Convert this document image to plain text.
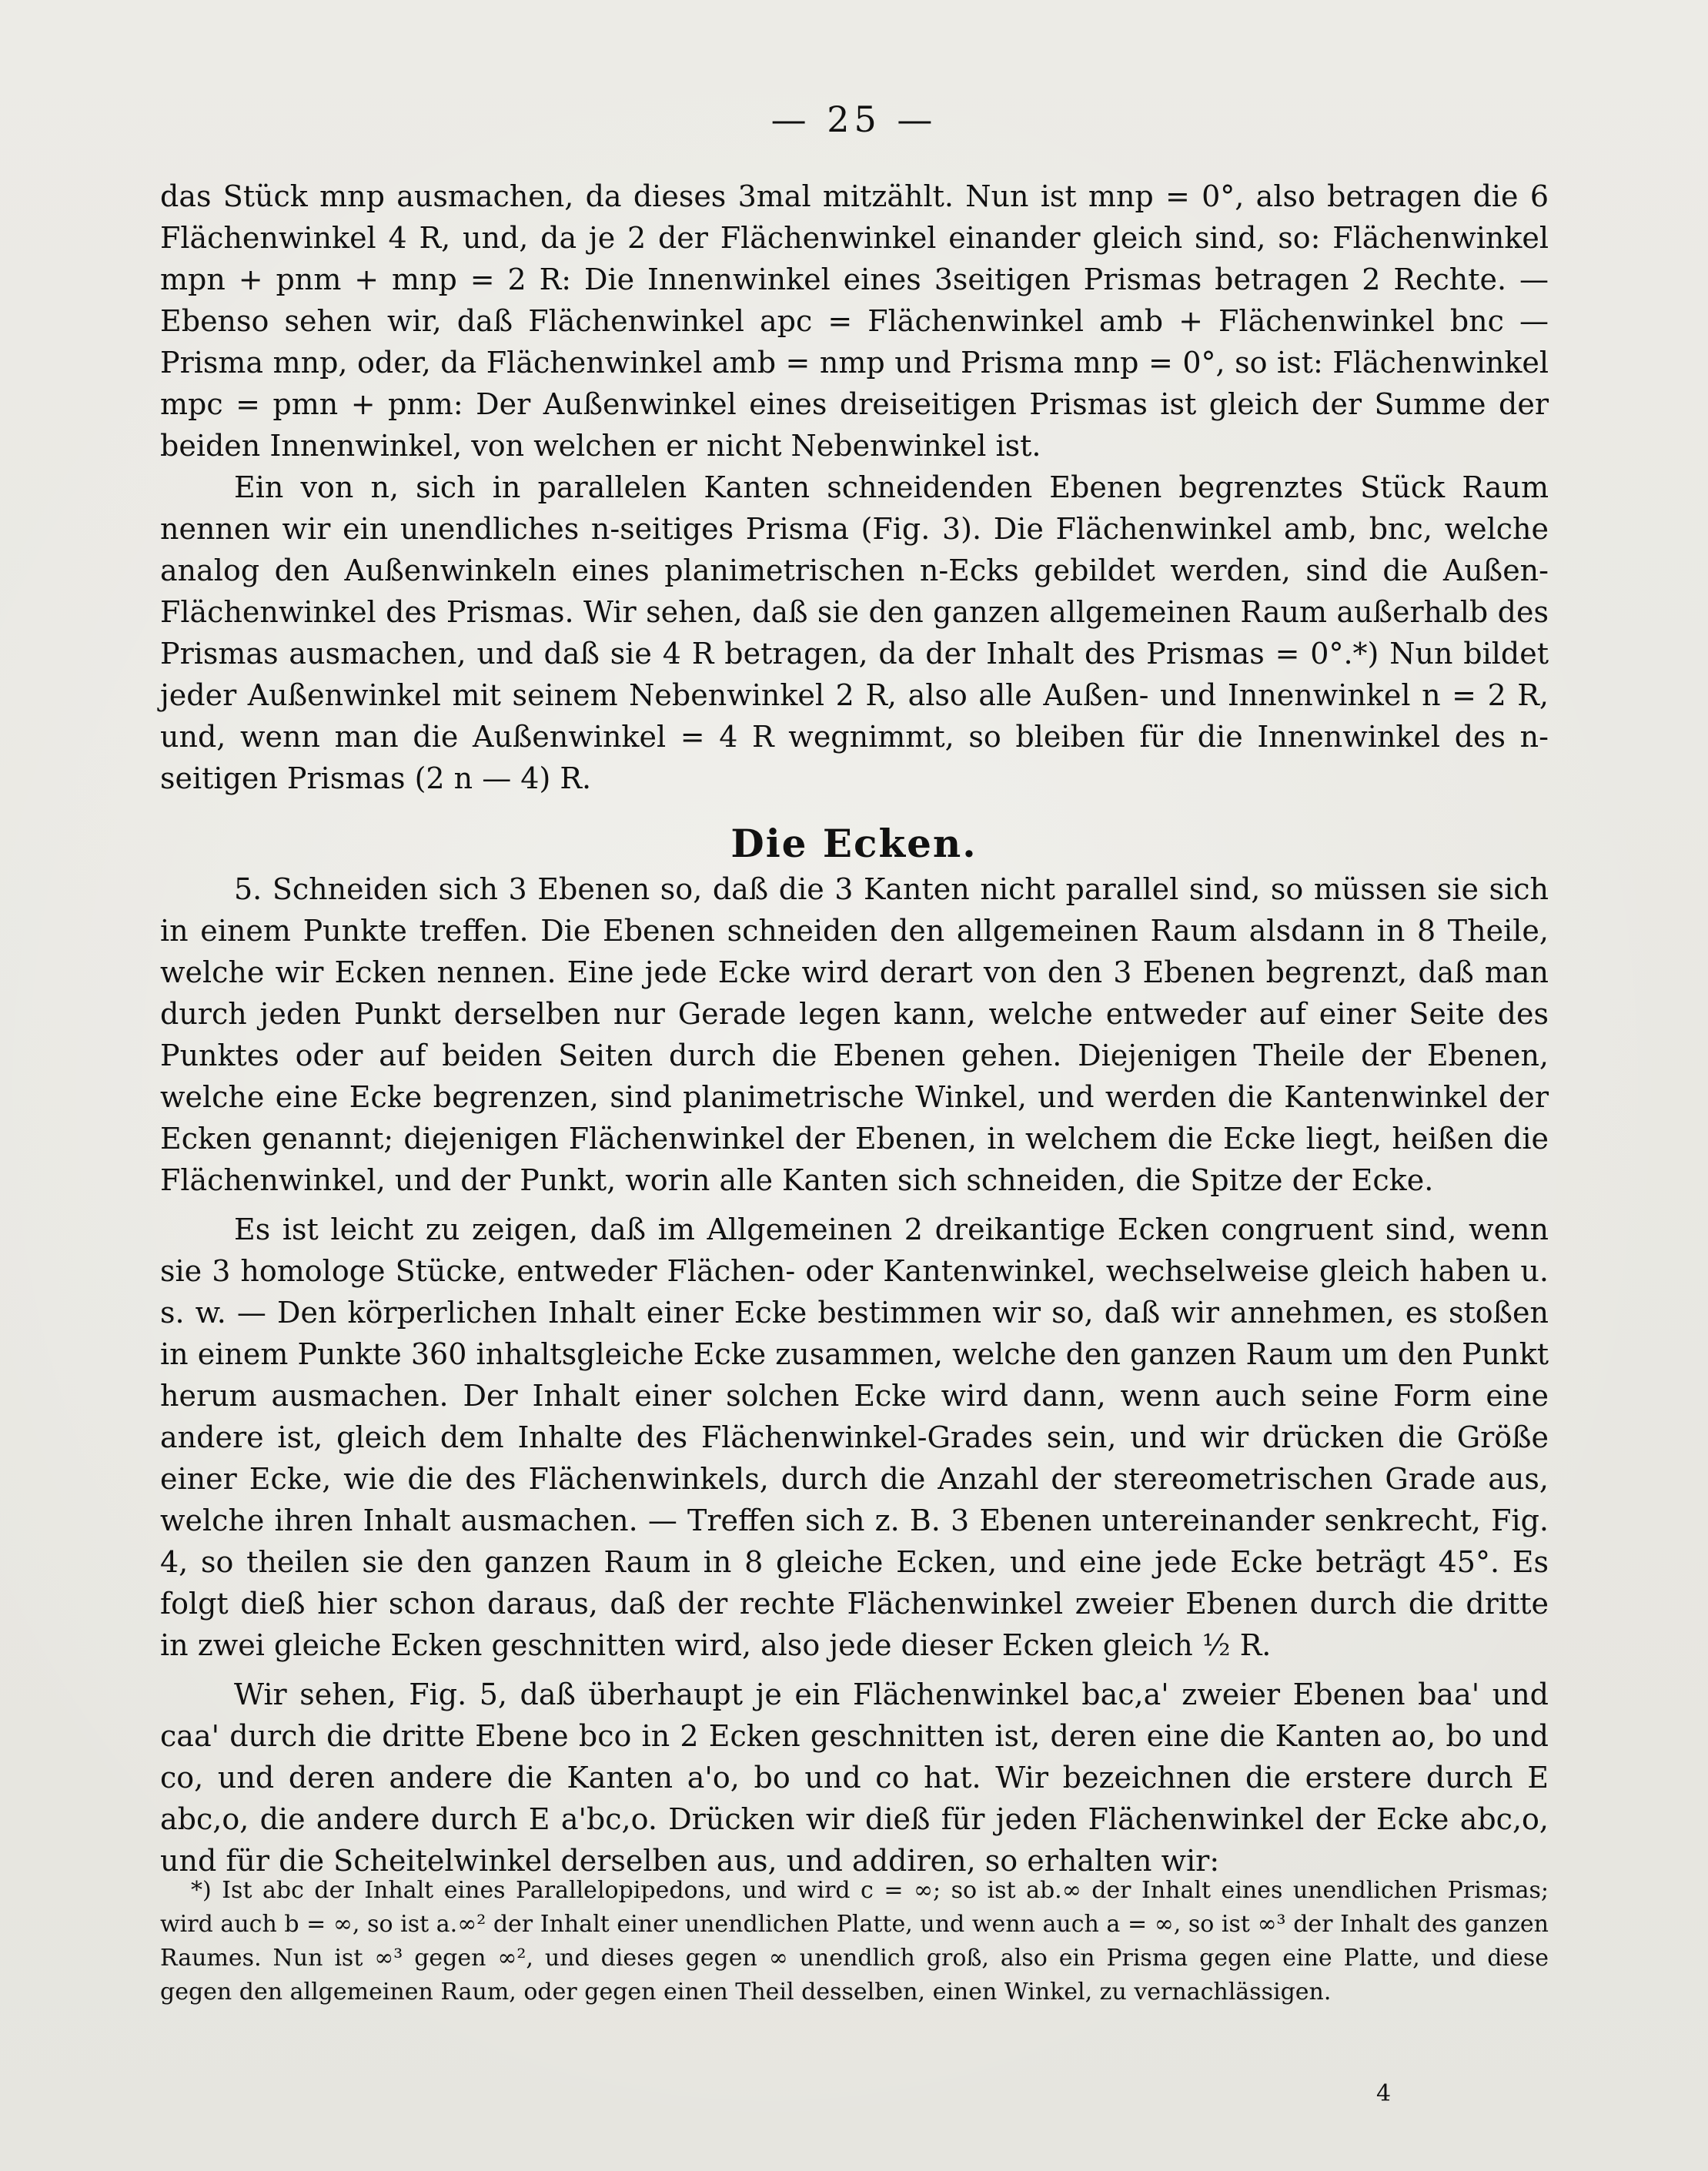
— 25 —

das Stück mnp ausmachen, da dieses 3mal mitzählt. Nun ist mnp = 0°, also betragen die 6 Flächenwinkel 4 R, und, da je 2 der Flächenwinkel einander gleich sind, so: Flächenwinkel mpn + pnm + mnp = 2 R: Die Innenwinkel eines 3seitigen Prismas betragen 2 Rechte. — Ebenso sehen wir, daß Flächenwinkel apc = Flächenwinkel amb + Flächenwinkel bnc — Prisma mnp, oder, da Flächenwinkel amb = nmp und Prisma mnp = 0°, so ist: Flächenwinkel mpc = pmn + pnm: Der Außenwinkel eines dreiseitigen Prismas ist gleich der Summe der beiden Innenwinkel, von welchen er nicht Nebenwinkel ist.

Ein von n, sich in parallelen Kanten schneidenden Ebenen begrenztes Stück Raum nennen wir ein unendliches n-seitiges Prisma (Fig. 3). Die Flächenwinkel amb, bnc, welche analog den Außenwinkeln eines planimetrischen n-Ecks gebildet werden, sind die Außen-Flächenwinkel des Prismas. Wir sehen, daß sie den ganzen allgemeinen Raum außerhalb des Prismas ausmachen, und daß sie 4 R betragen, da der Inhalt des Prismas = 0°.*) Nun bildet jeder Außenwinkel mit seinem Nebenwinkel 2 R, also alle Außen- und Innenwinkel n = 2 R, und, wenn man die Außenwinkel = 4 R wegnimmt, so bleiben für die Innenwinkel des n-seitigen Prismas (2 n — 4) R.

Die Ecken.

5. Schneiden sich 3 Ebenen so, daß die 3 Kanten nicht parallel sind, so müssen sie sich in einem Punkte treffen. Die Ebenen schneiden den allgemeinen Raum alsdann in 8 Theile, welche wir Ecken nennen. Eine jede Ecke wird derart von den 3 Ebenen begrenzt, daß man durch jeden Punkt derselben nur Gerade legen kann, welche entweder auf einer Seite des Punktes oder auf beiden Seiten durch die Ebenen gehen. Diejenigen Theile der Ebenen, welche eine Ecke begrenzen, sind planimetrische Winkel, und werden die Kantenwinkel der Ecken genannt; diejenigen Flächenwinkel der Ebenen, in welchem die Ecke liegt, heißen die Flächenwinkel, und der Punkt, worin alle Kanten sich schneiden, die Spitze der Ecke.

Es ist leicht zu zeigen, daß im Allgemeinen 2 dreikantige Ecken congruent sind, wenn sie 3 homologe Stücke, entweder Flächen- oder Kantenwinkel, wechselweise gleich haben u. s. w. — Den körperlichen Inhalt einer Ecke bestimmen wir so, daß wir annehmen, es stoßen in einem Punkte 360 inhaltsgleiche Ecke zusammen, welche den ganzen Raum um den Punkt herum ausmachen. Der Inhalt einer solchen Ecke wird dann, wenn auch seine Form eine andere ist, gleich dem Inhalte des Flächenwinkel-Grades sein, und wir drücken die Größe einer Ecke, wie die des Flächenwinkels, durch die Anzahl der stereometrischen Grade aus, welche ihren Inhalt ausmachen. — Treffen sich z. B. 3 Ebenen untereinander senkrecht, Fig. 4, so theilen sie den ganzen Raum in 8 gleiche Ecken, und eine jede Ecke beträgt 45°. Es folgt dieß hier schon daraus, daß der rechte Flächenwinkel zweier Ebenen durch die dritte in zwei gleiche Ecken geschnitten wird, also jede dieser Ecken gleich ½ R.

Wir sehen, Fig. 5, daß überhaupt je ein Flächenwinkel bac,a' zweier Ebenen baa' und caa' durch die dritte Ebene bco in 2 Ecken geschnitten ist, deren eine die Kanten ao, bo und co, und deren andere die Kanten a'o, bo und co hat. Wir bezeichnen die erstere durch E abc,o, die andere durch E a'bc,o. Drücken wir dieß für jeden Flächenwinkel der Ecke abc,o, und für die Scheitelwinkel derselben aus, und addiren, so erhalten wir:

*) Ist abc der Inhalt eines Parallelopipedons, und wird c = ∞; so ist ab.∞ der Inhalt eines unendlichen Prismas; wird auch b = ∞, so ist a.∞² der Inhalt einer unendlichen Platte, und wenn auch a = ∞, so ist ∞³ der Inhalt des ganzen Raumes. Nun ist ∞³ gegen ∞², und dieses gegen ∞ unendlich groß, also ein Prisma gegen eine Platte, und diese gegen den allgemeinen Raum, oder gegen einen Theil desselben, einen Winkel, zu vernachlässigen.
4
